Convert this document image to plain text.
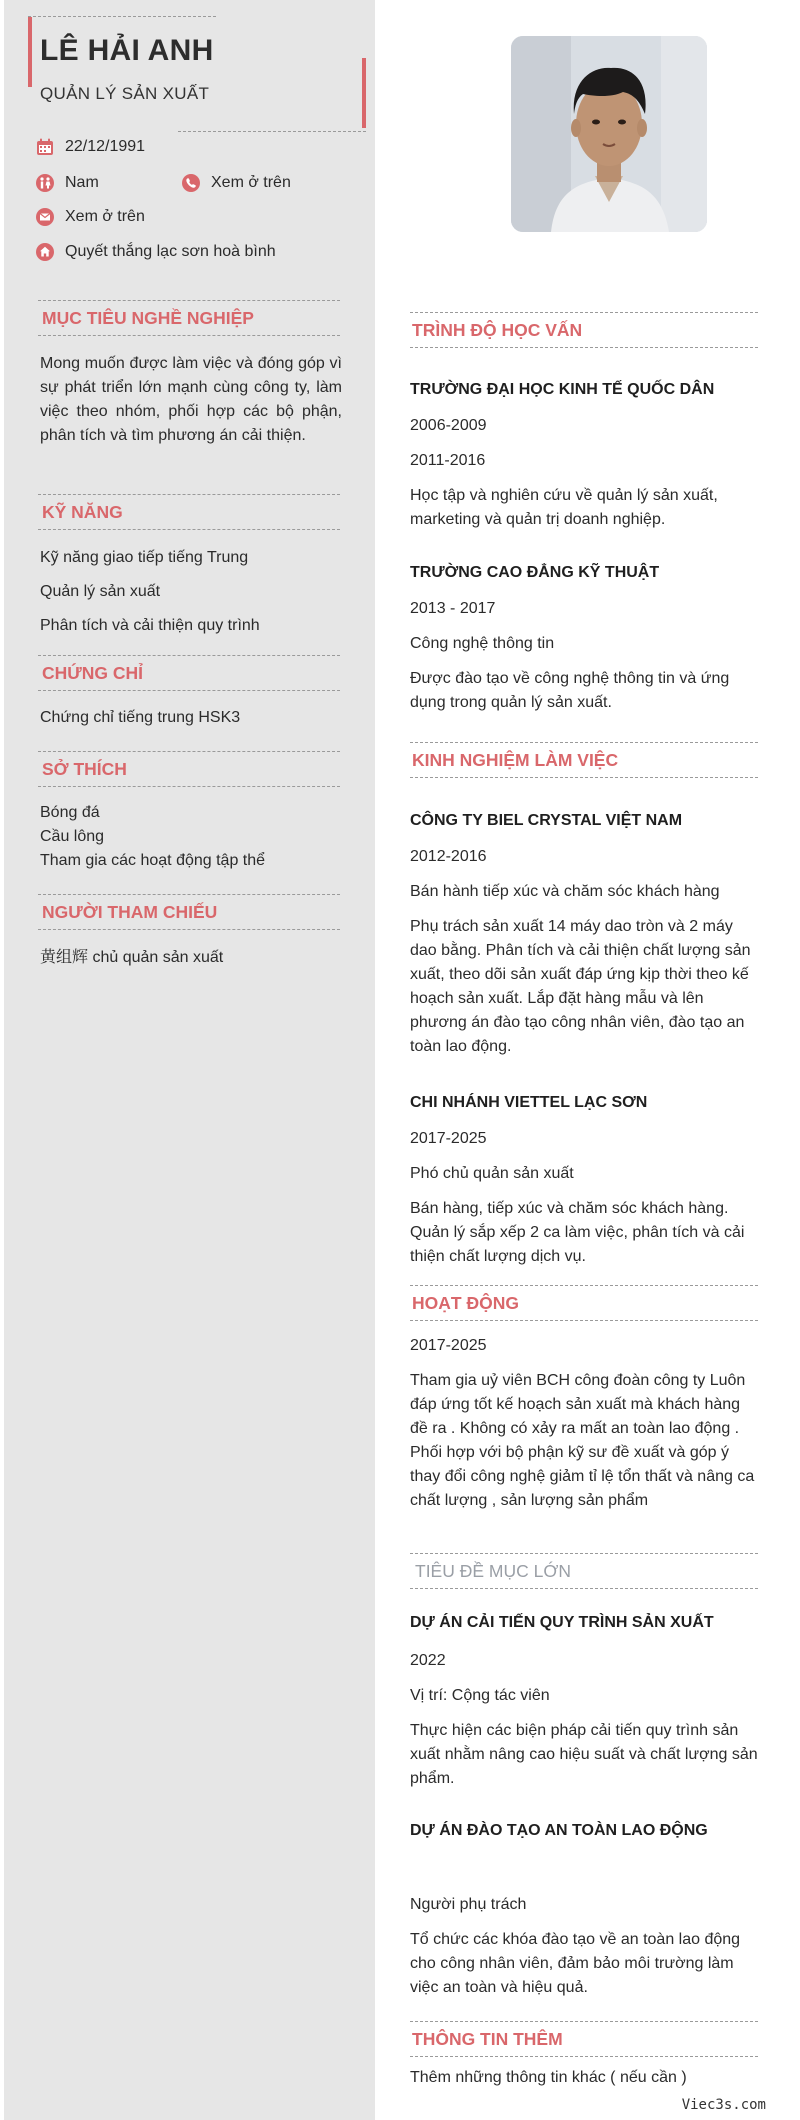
LÊ HẢI ANH
QUẢN LÝ SẢN XUẤT
22/12/1991
Nam	Xem ở trên
Xem ở trên
Quyết thắng lạc sơn hoà bình
MỤC TIÊU NGHỀ NGHIỆP
Mong muốn được làm việc và đóng góp vì sự phát triển lớn mạnh cùng công ty, làm việc theo nhóm, phối hợp các bộ phận, phân tích và tìm phương án cải thiện.
KỸ NĂNG
Kỹ năng giao tiếp tiếng Trung
Quản lý sản xuất
Phân tích và cải thiện quy trình
CHỨNG CHỈ
Chứng chỉ tiếng trung HSK3
SỞ THÍCH
Bóng đá
Cầu lông
Tham gia các hoạt động tập thể
NGƯỜI THAM CHIẾU
黄组辉 chủ quản sản xuất
TRÌNH ĐỘ HỌC VẤN
TRƯỜNG ĐẠI HỌC KINH TẾ QUỐC DÂN
2006-2009
2011-2016
Học tập và nghiên cứu về quản lý sản xuất, marketing và quản trị doanh nghiệp.
TRƯỜNG CAO ĐẲNG KỸ THUẬT
2013 - 2017
Công nghệ thông tin
Được đào tạo về công nghệ thông tin và ứng dụng trong quản lý sản xuất.
KINH NGHIỆM LÀM VIỆC
CÔNG TY BIEL CRYSTAL VIỆT NAM
2012-2016
Bán hành tiếp xúc và chăm sóc khách hàng
Phụ trách sản xuất 14 máy dao tròn và 2 máy dao bằng. Phân tích và cải thiện chất lượng sản xuất, theo dõi sản xuất đáp ứng kịp thời theo kế hoạch sản xuất. Lắp đặt hàng mẫu và lên phương án đào tạo công nhân viên, đào tạo an toàn lao động.
CHI NHÁNH VIETTEL LẠC SƠN
2017-2025
Phó chủ quản sản xuất
Bán hàng, tiếp xúc và chăm sóc khách hàng. Quản lý sắp xếp 2 ca làm việc, phân tích và cải thiện chất lượng dịch vụ.
HOẠT ĐỘNG
2017-2025
Tham gia uỷ viên BCH công đoàn công ty Luôn đáp ứng tốt kế hoạch sản xuất mà khách hàng đề ra . Không có xảy ra mất an toàn lao động . Phối hợp với bộ phận kỹ sư đề xuất và góp ý thay đổi công nghệ giảm tỉ lệ tổn thất và nâng ca chất lượng , sản lượng sản phẩm
TIÊU ĐỀ MỤC LỚN
DỰ ÁN CẢI TIẾN QUY TRÌNH SẢN XUẤT
2022
Vị trí: Cộng tác viên
Thực hiện các biện pháp cải tiến quy trình sản xuất nhằm nâng cao hiệu suất và chất lượng sản phẩm.
DỰ ÁN ĐÀO TẠO AN TOÀN LAO ĐỘNG
Người phụ trách
Tổ chức các khóa đào tạo về an toàn lao động cho công nhân viên, đảm bảo môi trường làm việc an toàn và hiệu quả.
THÔNG TIN THÊM
Thêm những thông tin khác ( nếu cần )
Viec3s.com
